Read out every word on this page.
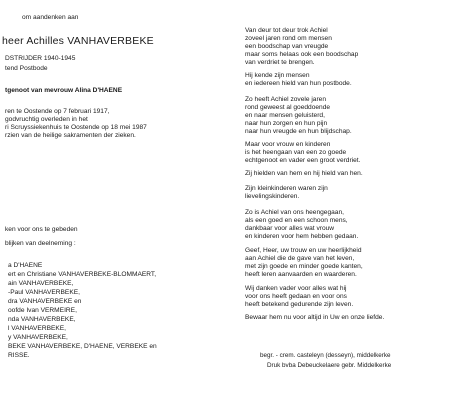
om aandenken aan
heer Achilles VANHAVERBEKE
DSTRIJDER 1940-1945
tend Postbode
tgenoot van mevrouw Alina D'HAENE
ren te Oostende op 7 februari 1917,
godvruchtig overleden in het
ri Scruyssiekenhuis te Oostende op 18 mei 1987
rzien van de heilige sakramenten der zieken.
ken voor ons te gebeden
blijken van deelneming :
a D'HAENE
ert en Christiane VANHAVERBEKE-BLOMMAERT,
ain VANHAVERBEKE,
-Paul VANHAVERBEKE,
dra VANHAVERBEKE en
oofde Ivan VERMEIRE,
nda VANHAVERBEKE,
l VANHAVERBEKE,
y VANHAVERBEKE,
BEKE VANHAVERBEKE, D'HAENE, VERBEKE en
RISSE.
Van deur tot deur trok Achiel
zoveel jaren rond om mensen
een boodschap van vreugde
maar soms helaas ook een boodschap
van verdriet te brengen.
Hij kende zijn mensen
en iedereen hield van hun postbode.
Zo heeft Achiel zovele jaren
rond geweest al goeddoende
en naar mensen geluisterd,
naar hun zorgen en hun pijn
naar hun vreugde en hun blijdschap.
Maar voor vrouw en kinderen
is het heengaan van een zo goede
echtgenoot en vader een groot verdriet.
Zij hielden van hem en hij hield van hen.
Zijn kleinkinderen waren zijn
lievelingskinderen.
Zo is Achiel van ons heengegaan,
als een goed en een schoon mens,
dankbaar voor alles wat vrouw
en kinderen voor hem hebben gedaan.
Geef, Heer, uw trouw en uw heerlijkheid
aan Achiel die de gave van het leven,
met zijn goede en minder goede kanten,
heeft leren aanvaarden en waarderen.
Wij danken vader voor alles wat hij
voor ons heeft gedaan en voor ons
heeft betekend gedurende zijn leven.
Bewaar hem nu voor altijd in Uw en onze liefde.
begr. - crem. casteleyn (desseyn), middelkerke
Druk bvba Debeuckelaere gebr. Middelkerke
